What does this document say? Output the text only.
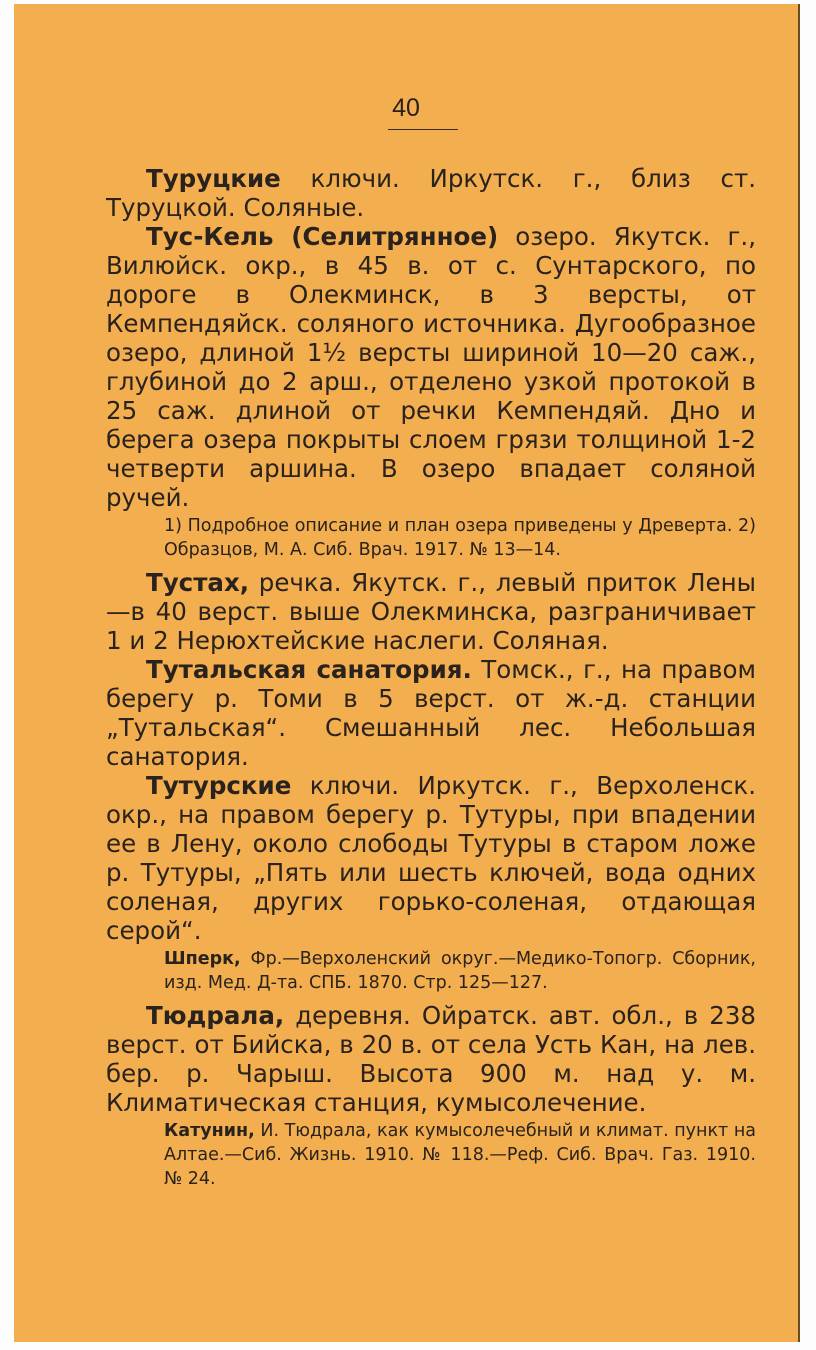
40

Туруцкие ключи. Иркутск. г., близ ст. Туруцкой. Соляные.

Тус-Кель (Селитрянное) озеро. Якутск. г., Вилюйск. окр., в 45 в. от с. Сунтарского, по дороге в Олекминск, в 3 версты, от Кемпендяйск. соляного источника. Дугообразное озеро, длиной 1½ версты шириной 10—20 саж., глубиной до 2 арш., отделено узкой протокой в 25 саж. длиной от речки Кемпендяй. Дно и берега озера покрыты слоем грязи толщиной 1-2 четверти аршина. В озеро впадает соляной ручей.

1) Подробное описание и план озера приведены у Древерта. 2) Образцов, М. А. Сиб. Врач. 1917. № 13—14.

Тустах, речка. Якутск. г., левый приток Лены—в 40 верст. выше Олекминска, разграничивает 1 и 2 Нерюхтейские наслеги. Соляная.

Тутальская санатория. Томск., г., на правом берегу р. Томи в 5 верст. от ж.-д. станции „Тутальская“. Смешанный лес. Небольшая санатория.

Тутурские ключи. Иркутск. г., Верхоленск. окр., на правом берегу р. Тутуры, при впадении ее в Лену, около слободы Тутуры в старом ложе р. Тутуры, „Пять или шесть ключей, вода одних соленая, других горько-соленая, отдающая серой“.

Шперк, Фр.—Верхоленский округ.—Медико-Топогр. Сборник, изд. Мед. Д-та. СПБ. 1870. Стр. 125—127.

Тюдрала, деревня. Ойратск. авт. обл., в 238 верст. от Бийска, в 20 в. от села Усть Кан, на лев. бер. р. Чарыш. Высота 900 м. над у. м. Климатическая станция, кумысолечение.

Катунин, И. Тюдрала, как кумысолечебный и климат. пункт на Алтае.—Сиб. Жизнь. 1910. № 118.—Реф. Сиб. Врач. Газ. 1910. № 24.
